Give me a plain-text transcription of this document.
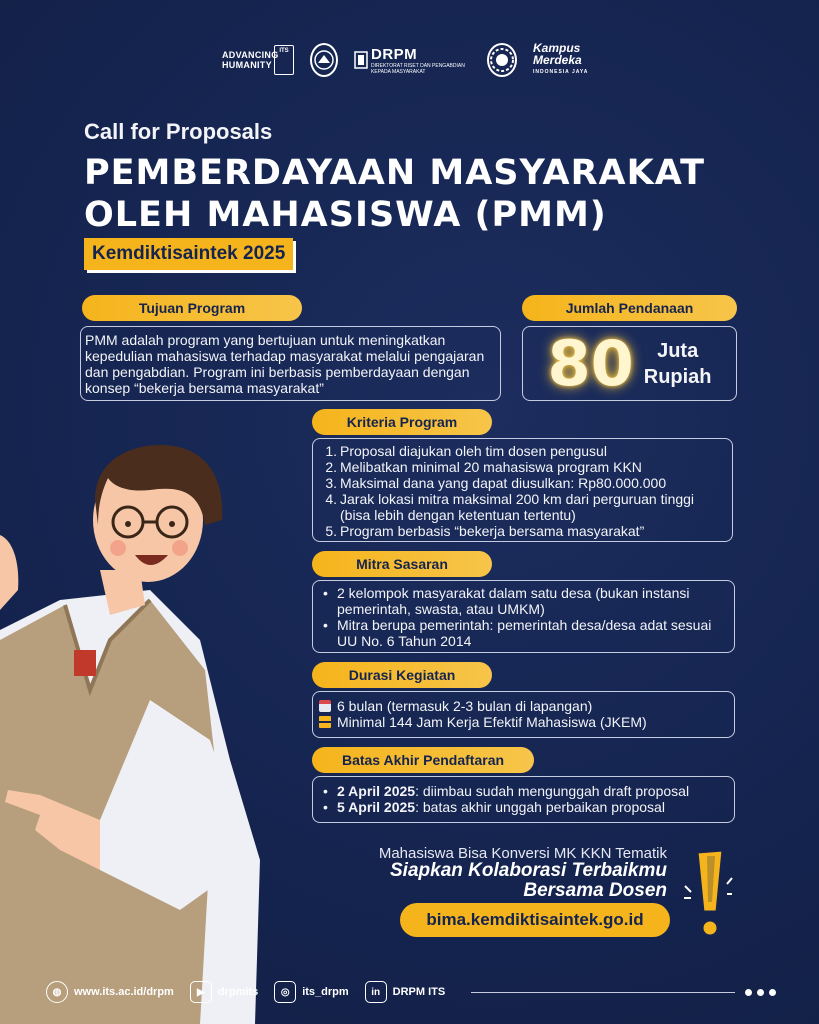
ADVANCING HUMANITY
ITS	DRPM
DIREKTORAT RISET DAN PENGABDIAN KEPADA MASYARAKAT
Kampus Merdeka
INDONESIA JAYA
Call for Proposals
PEMBERDAYAAN MASYARAKAT
OLEH MAHASISWA (PMM)
Kemdiktisaintek 2025
Tujuan Program
PMM adalah program yang bertujuan untuk meningkatkan kepedulian mahasiswa terhadap masyarakat melalui pengajaran dan pengabdian. Program ini berbasis pemberdayaan dengan konsep “bekerja bersama masyarakat”
Jumlah Pendanaan
80	Juta
Rupiah
Kriteria Program
1. Proposal diajukan oleh tim dosen pengusul
2. Melibatkan minimal 20 mahasiswa program KKN
3. Maksimal dana yang dapat diusulkan: Rp80.000.000
4. Jarak lokasi mitra maksimal 200 km dari perguruan tinggi (bisa lebih dengan ketentuan tertentu)
5. Program berbasis “bekerja bersama masyarakat”
Mitra Sasaran
• 2 kelompok masyarakat dalam satu desa (bukan instansi pemerintah, swasta, atau UMKM)
• Mitra berupa pemerintah: pemerintah desa/desa adat sesuai UU No. 6 Tahun 2014
Durasi Kegiatan
6 bulan (termasuk 2-3 bulan di lapangan)
Minimal 144 Jam Kerja Efektif Mahasiswa (JKEM)
Batas Akhir Pendaftaran
• 2 April 2025: diimbau sudah mengunggah draft proposal
• 5 April 2025: batas akhir unggah perbaikan proposal
Mahasiswa Bisa Konversi MK KKN Tematik
Siapkan Kolaborasi Terbaikmu
Bersama Dosen
bima.kemdiktisaintek.go.id
◍	www.its.ac.id/drpm	▶	drpmits	◎	its_drpm	in	DRPM ITS
